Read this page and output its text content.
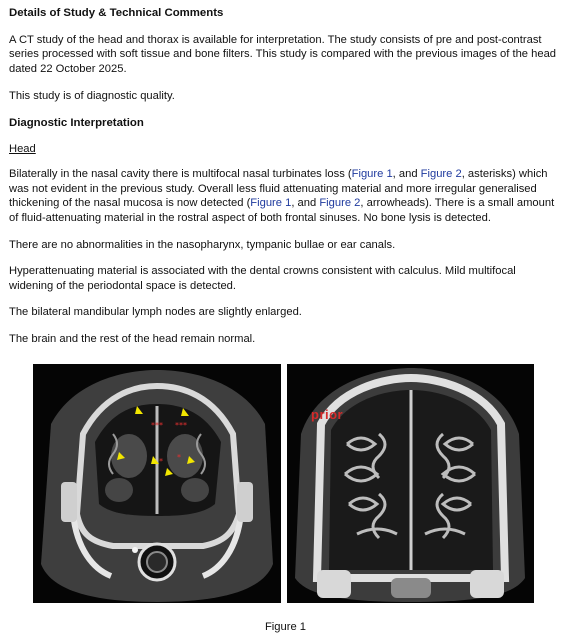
Details of Study & Technical Comments

A CT study of the head and thorax is available for interpretation. The study consists of pre and post-contrast series processed with soft tissue and bone filters. This study is compared with the previous images of the head dated 22 October 2025.

This study is of diagnostic quality.

Diagnostic Interpretation

Head

Bilaterally in the nasal cavity there is multifocal nasal turbinates loss (Figure 1, and Figure 2, asterisks) which was not evident in the previous study. Overall less fluid attenuating material and more irregular generalised thickening of the nasal mucosa is now detected (Figure 1, and Figure 2, arrowheads). There is a small amount of fluid-attenuating material in the rostral aspect of both frontal sinuses. No bone lysis is detected.

There are no abnormalities in the nasopharynx, tympanic bullae or ear canals.

Hyperattenuating material is associated with the dental crowns consistent with calculus. Mild multifocal widening of the periodontal space is detected.

The bilateral mandibular lymph nodes are slightly enlarged.

The brain and the rest of the head remain normal.

*** ***
* *
prior
Figure 1
